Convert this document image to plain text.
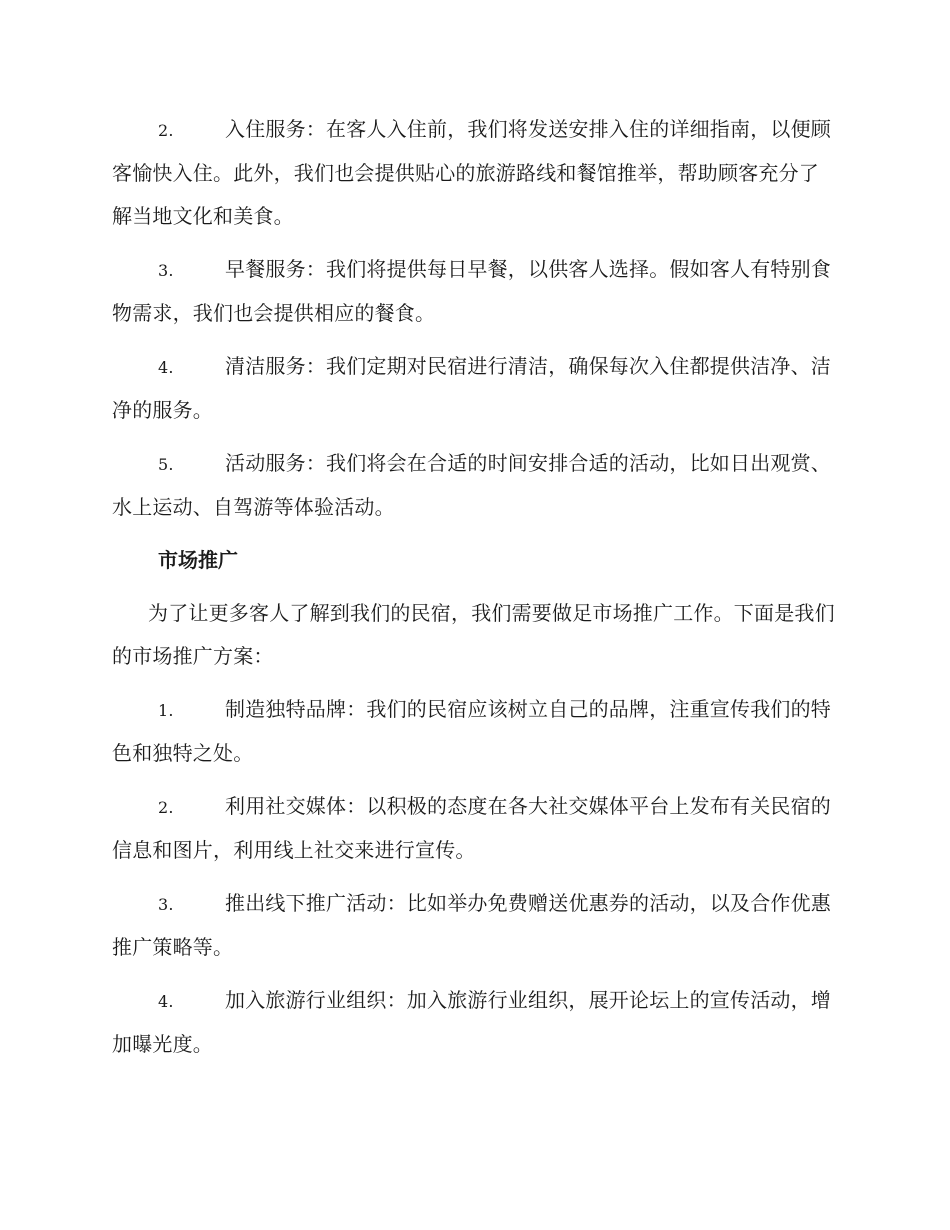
2.	入住服务：在客人入住前，我们将发送安排入住的详细指南，以便顾客愉快入住。此外，我们也会提供贴心的旅游路线和餐馆推举，帮助顾客充分了解当地文化和美食。

3.	早餐服务：我们将提供每日早餐，以供客人选择。假如客人有特别食物需求，我们也会提供相应的餐食。

4.	清洁服务：我们定期对民宿进行清洁，确保每次入住都提供洁净、洁净的服务。

5.	活动服务：我们将会在合适的时间安排合适的活动，比如日出观赏、水上运动、自驾游等体验活动。

市场推广

为了让更多客人了解到我们的民宿，我们需要做足市场推广工作。下面是我们的市场推广方案：

1.	制造独特品牌：我们的民宿应该树立自己的品牌，注重宣传我们的特色和独特之处。

2.	利用社交媒体：以积极的态度在各大社交媒体平台上发布有关民宿的信息和图片，利用线上社交来进行宣传。

3.	推出线下推广活动：比如举办免费赠送优惠券的活动，以及合作优惠推广策略等。

4.	加入旅游行业组织：加入旅游行业组织，展开论坛上的宣传活动，增加曝光度。
